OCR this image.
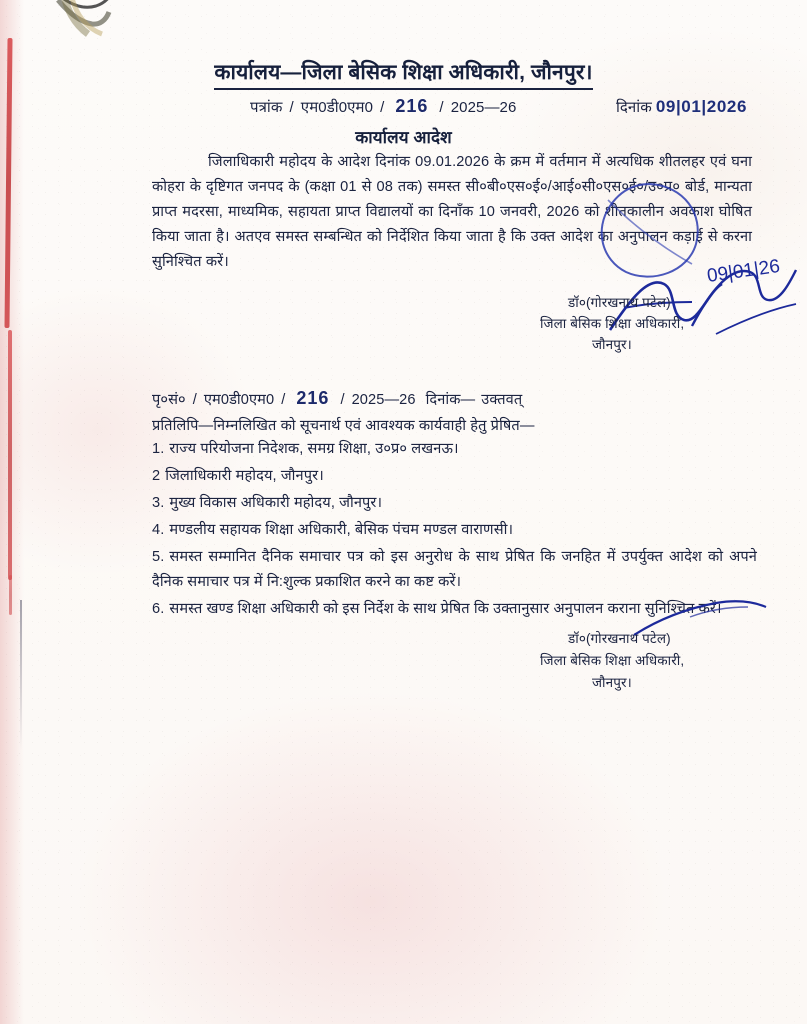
कार्यालय—जिला बेसिक शिक्षा अधिकारी, जौनपुर।
पत्रांक / एम0डी0एम0 / 216 / 2025—26	दिनांक 09|01|2026
कार्यालय आदेश
जिलाधिकारी महोदय के आदेश दिनांक 09.01.2026 के क्रम में वर्तमान में अत्यधिक शीतलहर एवं घना कोहरा के दृष्टिगत जनपद के (कक्षा 01 से 08 तक) समस्त सी०बी०एस०ई०/आई०सी०एस०ई०/उ०प्र० बोर्ड, मान्यता प्राप्त मदरसा, माध्यमिक, सहायता प्राप्त विद्यालयों का दिनॉंक 10 जनवरी, 2026 को शीतकालीन अवकाश घोषित किया जाता है। अतएव समस्त सम्बन्धित को निर्देशित किया जाता है कि उक्त आदेश का अनुपालन कड़ाई से करना सुनिश्चित करें।	09|01|26
डॉ०(गोरखनाथ पटेल)
जिला बेसिक शिक्षा अधिकारी,
जौनपुर।
पृ०सं० / एम0डी0एम0 / 216 / 2025—26 दिनांक— उक्तवत्
प्रतिलिपि—निम्नलिखित को सूचनार्थ एवं आवश्यक कार्यवाही हेतु प्रेषित—
1. राज्य परियोजना निदेशक, समग्र शिक्षा, उ०प्र० लखनऊ।
2 जिलाधिकारी महोदय, जौनपुर।
3. मुख्य विकास अधिकारी महोदय, जौनपुर।
4. मण्डलीय सहायक शिक्षा अधिकारी, बेसिक पंचम मण्डल वाराणसी।
5. समस्त सम्मानित दैनिक समाचार पत्र को इस अनुरोध के साथ प्रेषित कि जनहित में उपर्युक्त आदेश को अपने दैनिक समाचार पत्र में नि:शुल्क प्रकाशित करने का कष्ट करें।
6. समस्त खण्ड शिक्षा अधिकारी को इस निर्देश के साथ प्रेषित कि उक्तानुसार अनुपालन कराना सुनिश्चित करें।
डॉ०(गोरखनाथ पटेल)
जिला बेसिक शिक्षा अधिकारी,
जौनपुर।
